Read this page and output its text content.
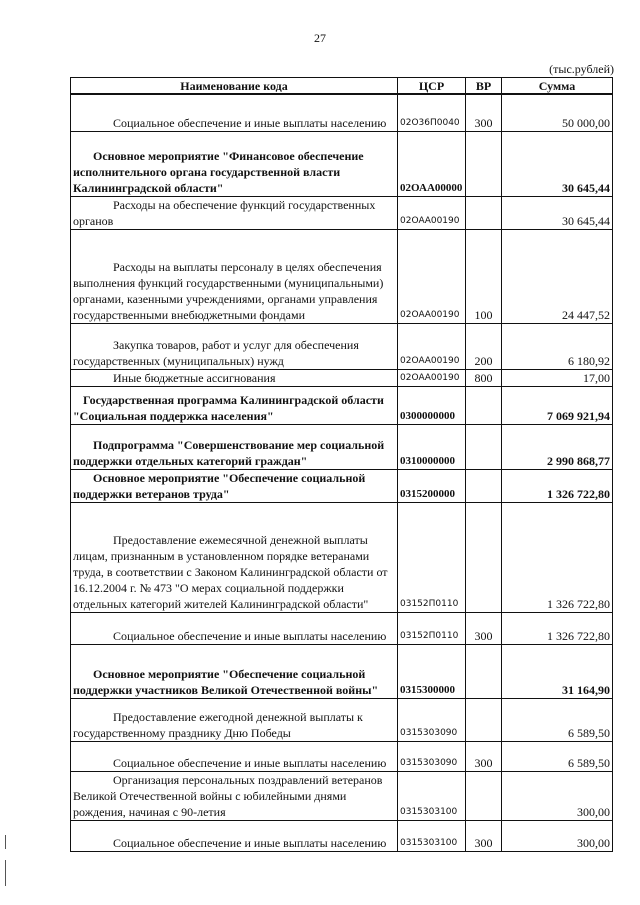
27
(тыс.рублей)
Наименование кода	ЦСР	ВР	Сумма
Социальное обеспечение и иные выплаты населению	02О36П0040	300	50 000,00
Основное мероприятие "Финансовое обеспечение исполнительного органа государственной власти Калининградской области"	02ОАА00000		30 645,44
Расходы на обеспечение функций государственных органов	02ОАА00190		30 645,44
Расходы на выплаты персоналу в целях обеспечения выполнения функций государственными (муниципальными) органами, казенными учреждениями, органами управления государственными внебюджетными фондами	02ОАА00190	100	24 447,52
Закупка товаров, работ и услуг для обеспечения государственных (муниципальных) нужд	02ОАА00190	200	6 180,92
Иные бюджетные ассигнования	02ОАА00190	800	17,00
Государственная программа Калининградской области "Социальная поддержка населения"	0300000000		7 069 921,94
Подпрограмма "Совершенствование мер социальной поддержки отдельных категорий граждан"	0310000000		2 990 868,77
Основное мероприятие "Обеспечение социальной поддержки ветеранов труда"	0315200000		1 326 722,80
Предоставление ежемесячной денежной выплаты лицам, признанным в установленном порядке ветеранами труда, в соответствии с Законом Калининградской области от 16.12.2004 г. № 473 "О мерах социальной поддержки отдельных категорий жителей Калининградской области"	03152П0110		1 326 722,80
Социальное обеспечение и иные выплаты населению	03152П0110	300	1 326 722,80
Основное мероприятие "Обеспечение социальной поддержки участников Великой Отечественной войны"	0315300000		31 164,90
Предоставление ежегодной денежной выплаты к государственному празднику Дню Победы	0315303090		6 589,50
Социальное обеспечение и иные выплаты населению	0315303090	300	6 589,50
Организация персональных поздравлений ветеранов Великой Отечественной войны с юбилейными днями рождения, начиная с 90-летия	0315303100		300,00
Социальное обеспечение и иные выплаты населению	0315303100	300	300,00
